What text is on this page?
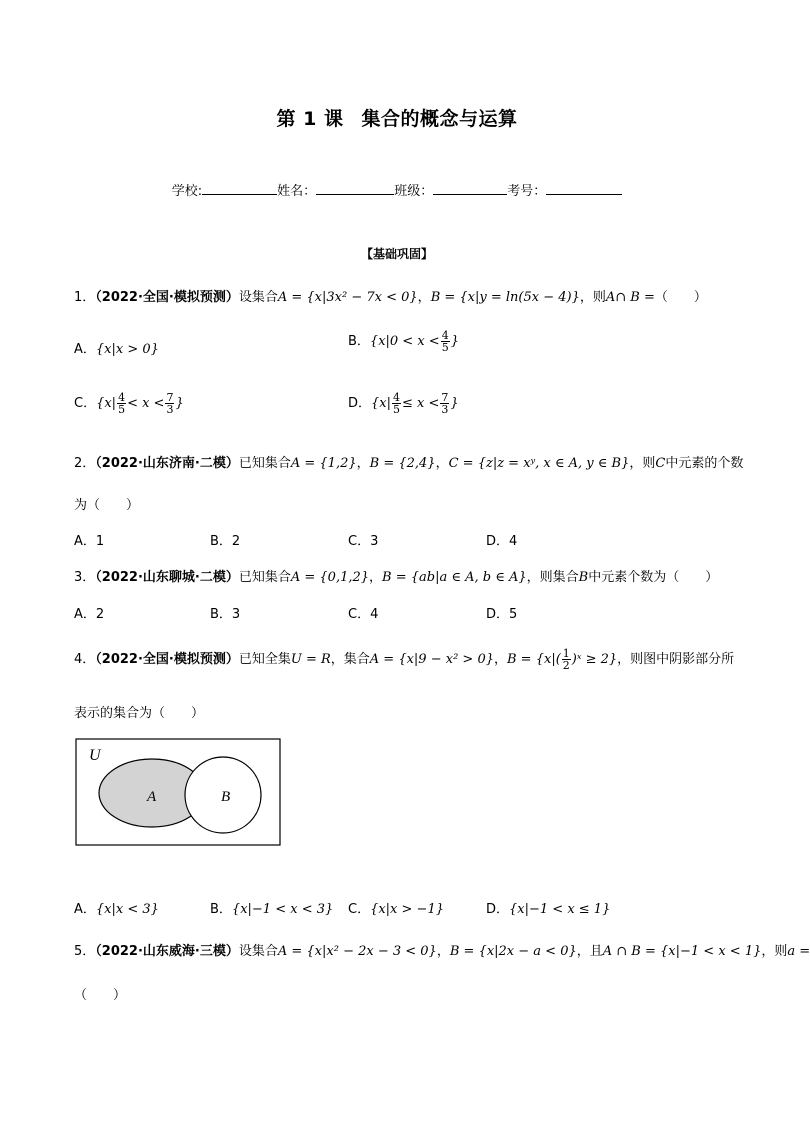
第 1 课 集合的概念与运算
学校:	姓名：	班级：	考号：
【基础巩固】
1．（2022·全国·模拟预测）设集合A = {x|3x² − 7x < 0}，B = {x|y = ln(5x − 4)}，则A∩ B =（　　）
A．{x|x > 0}
B．{$x|0 < x < \frac{4}{5}$ }
C．{$x| \frac{4}{5} < x < \frac{7}{3}$ }	D．{$x| \frac{4}{5} \le x < \frac{7}{3}$ }
2．（2022·山东济南·二模）已知集合A = {1,2}，B = {2,4}，C = {z|z = xʸ, x ∈ A, y ∈ B}，则C中元素的个数
为（　　）
A．1	B．2	C．3	D．4
3．（2022·山东聊城·二模）已知集合A = {0,1,2}，B = {ab|a ∈ A, b ∈ A}，则集合B中元素个数为（　　）
A．2	B．3	C．4	D．5
4．（2022·全国·模拟预测）已知全集U = R，集合A = {x|9 − x² > 0}，$B = \{x|( \frac{1}{2}$ )ˣ ≥ 2}，则图中阴影部分所
表示的集合为（　　）
U
A	B
A．{x|x < 3}	B．{x|−1 < x < 3} C．{x|x > −1}	D．{x|−1 < x ≤ 1}
5．（2022·山东威海·三模）设集合A = {x|x² − 2x − 3 < 0}，B = {x|2x − a < 0}，且A ∩ B = {x|−1 < x < 1}，则a =
（　　）
